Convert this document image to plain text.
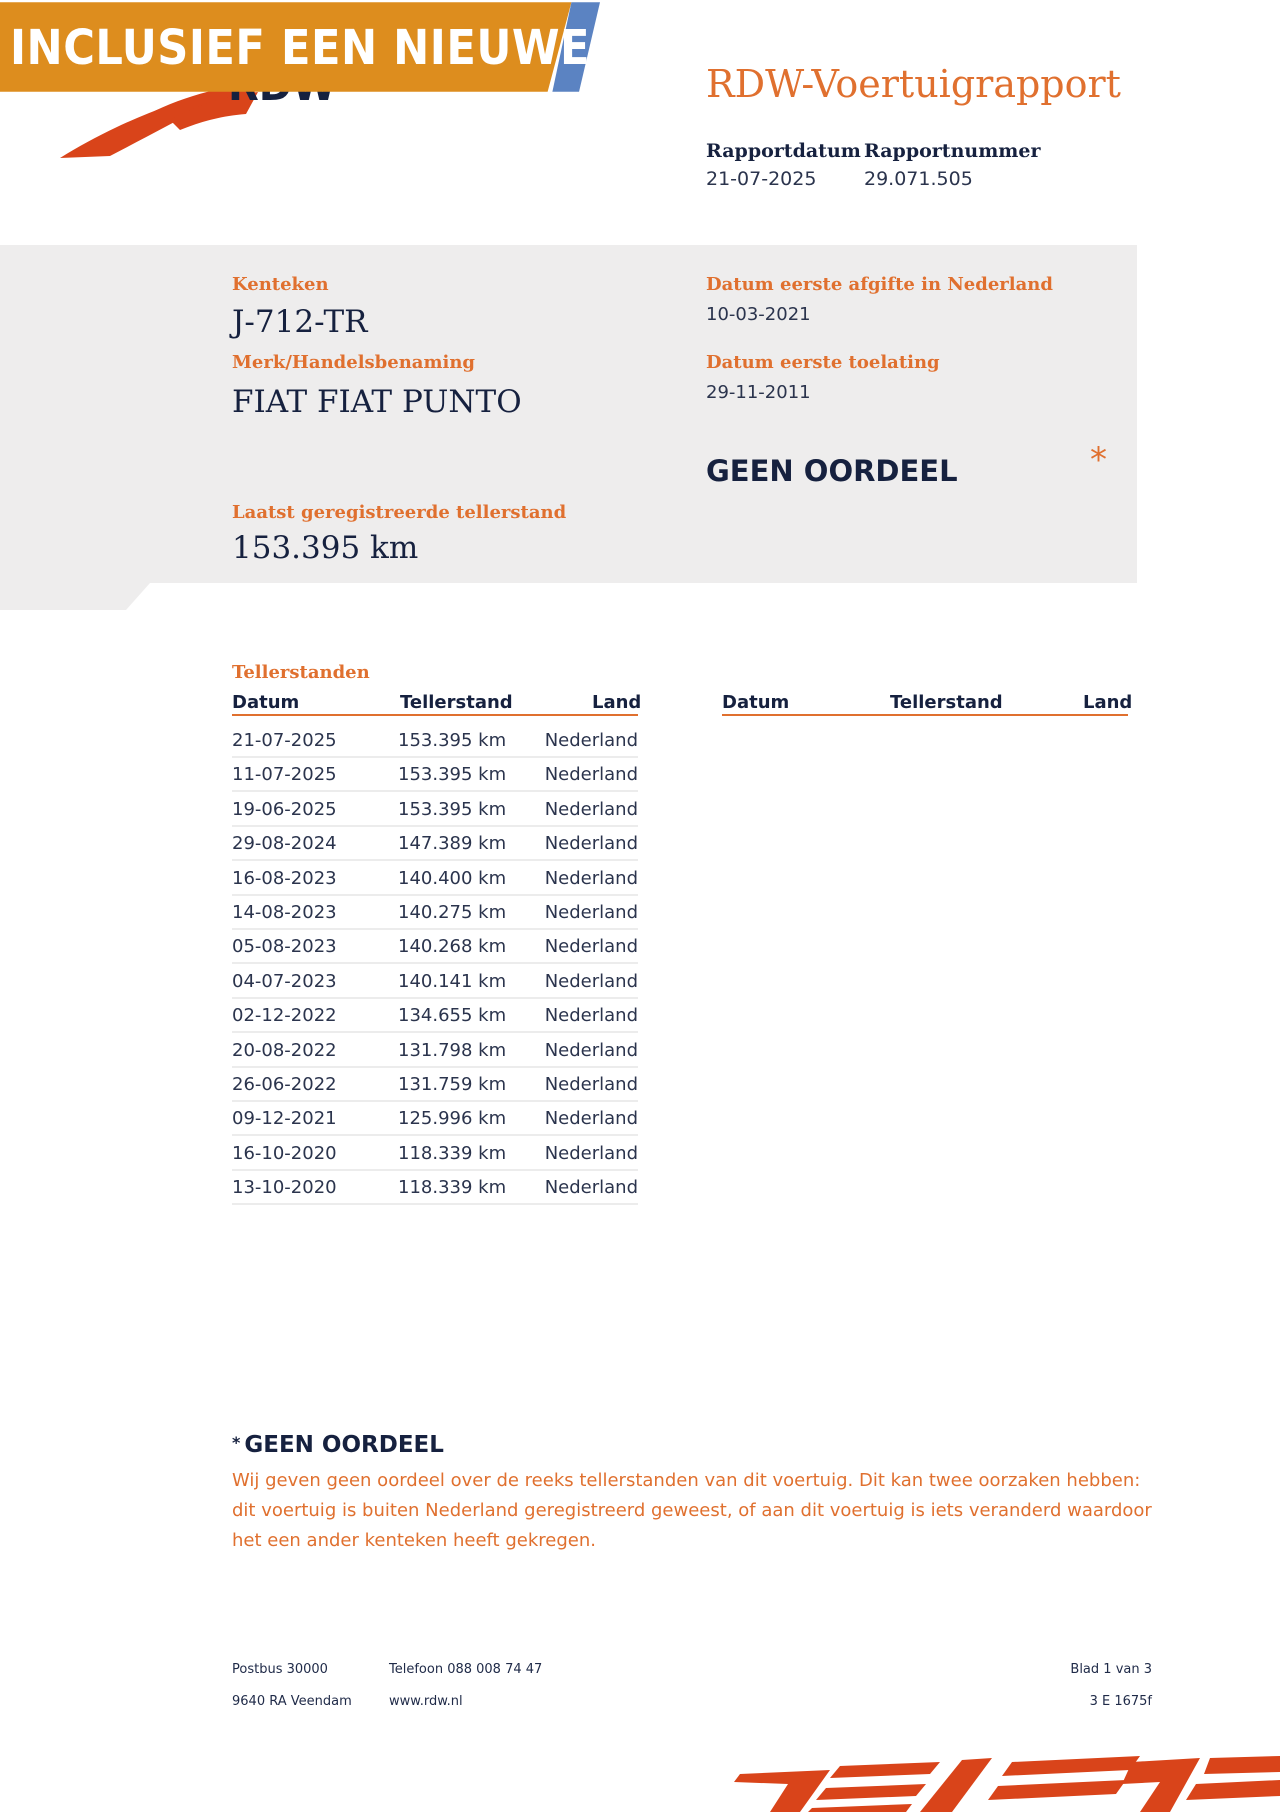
INCLUSIEF EEN NIEUWE APK
RDW-Voertuigrapport
Rapportdatum
21-07-2025
Rapportnummer
29.071.505
Kenteken
J-712-TR
Merk/Handelsbenaming
FIAT FIAT PUNTO
Laatst geregistreerde tellerstand
153.395 km
Datum eerste afgifte in Nederland
10-03-2021
Datum eerste toelating
29-11-2011
GEEN OORDEEL	*
Tellerstanden
Datum	Tellerstand	Land	Datum	Tellerstand	Land
21-07-2025	153.395 km Nederland
11-07-2025	153.395 km Nederland
19-06-2025	153.395 km Nederland
29-08-2024	147.389 km Nederland
16-08-2023	140.400 km Nederland
14-08-2023	140.275 km Nederland
05-08-2023	140.268 km Nederland
04-07-2023	140.141 km Nederland
02-12-2022	134.655 km Nederland
20-08-2022	131.798 km Nederland
26-06-2022	131.759 km Nederland
09-12-2021	125.996 km Nederland
16-10-2020	118.339 km Nederland
13-10-2020	118.339 km Nederland
* GEEN OORDEEL
Wij geven geen oordeel over de reeks tellerstanden van dit voertuig. Dit kan twee oorzaken hebben: dit voertuig is buiten Nederland geregistreerd geweest, of aan dit voertuig is iets veranderd waardoor het een ander kenteken heeft gekregen.
Postbus 30000
9640 RA Veendam
Telefoon 088 008 74 47
www.rdw.nl
Blad 1 van 3
3 E 1675f
